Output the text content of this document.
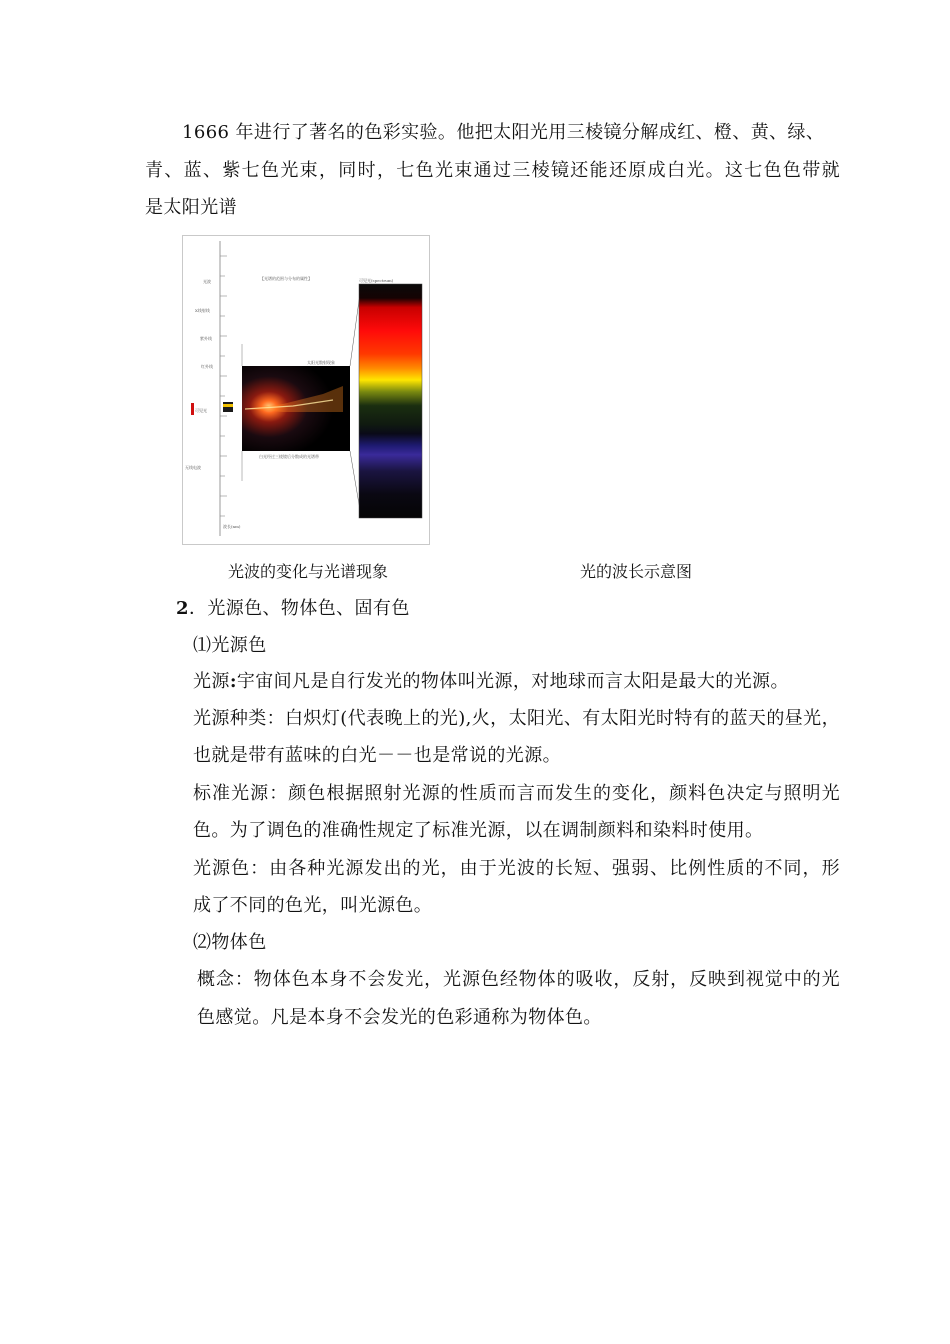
1666 年进行了著名的色彩实验。他把太阳光用三棱镜分解成红、橙、黄、绿、
青、蓝、紫七色光束，同时，七色光束通过三棱镜还能还原成白光。这七色色带就
是太阳光谱
【光谱的范围与分布的属性】
光波
X线射线
紫外线
可见光
红外线
无线电波
可见光(spectrum)
太阳光散射现象
白光经过三棱镜后分散成的光谱带
波长(nm)
光波的变化与光谱现象	光的波长示意图
2．光源色、物体色、固有色
⑴光源色
光源:宇宙间凡是自行发光的物体叫光源，对地球而言太阳是最大的光源。
光源种类：白炽灯(代表晚上的光),火，太阳光、有太阳光时特有的蓝天的昼光，
也就是带有蓝味的白光－－也是常说的光源。
标准光源：颜色根据照射光源的性质而言而发生的变化，颜料色决定与照明光
色。为了调色的准确性规定了标准光源，以在调制颜料和染料时使用。
光源色：由各种光源发出的光，由于光波的长短、强弱、比例性质的不同，形
成了不同的色光，叫光源色。
⑵物体色
概念：物体色本身不会发光，光源色经物体的吸收，反射，反映到视觉中的光
色感觉。凡是本身不会发光的色彩通称为物体色。
